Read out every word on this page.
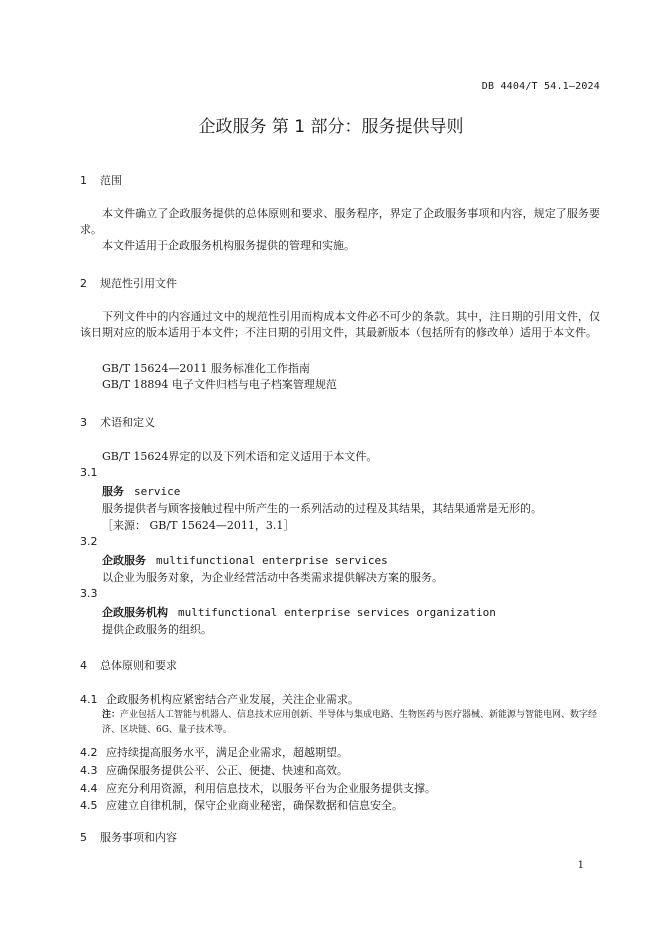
DB 4404/T 54.1—2024
企政服务 第 1 部分：服务提供导则
1 范围
本文件确立了企政服务提供的总体原则和要求、服务程序，界定了企政服务事项和内容，规定了服务要求。
本文件适用于企政服务机构服务提供的管理和实施。
2 规范性引用文件
下列文件中的内容通过文中的规范性引用而构成本文件必不可少的条款。其中，注日期的引用文件，仅该日期对应的版本适用于本文件；不注日期的引用文件，其最新版本（包括所有的修改单）适用于本文件。
GB/T 15624—2011 服务标准化工作指南
GB/T 18894 电子文件归档与电子档案管理规范
3 术语和定义
GB/T 15624界定的以及下列术语和定义适用于本文件。
3.1
服务 service
服务提供者与顾客接触过程中所产生的一系列活动的过程及其结果，其结果通常是无形的。
［来源： GB/T 15624—2011，3.1］
3.2
企政服务 multifunctional enterprise services
以企业为服务对象，为企业经营活动中各类需求提供解决方案的服务。
3.3
企政服务机构 multifunctional enterprise services organization
提供企政服务的组织。
4 总体原则和要求
4.1 企政服务机构应紧密结合产业发展，关注企业需求。
注：产业包括人工智能与机器人、信息技术应用创新、半导体与集成电路、生物医药与医疗器械、新能源与智能电网、数字经济、区块链、6G、量子技术等。
4.2 应持续提高服务水平，满足企业需求，超越期望。
4.3 应确保服务提供公平、公正、便捷、快速和高效。
4.4 应充分利用资源，利用信息技术，以服务平台为企业服务提供支撑。
4.5 应建立自律机制，保守企业商业秘密，确保数据和信息安全。
5 服务事项和内容
1
